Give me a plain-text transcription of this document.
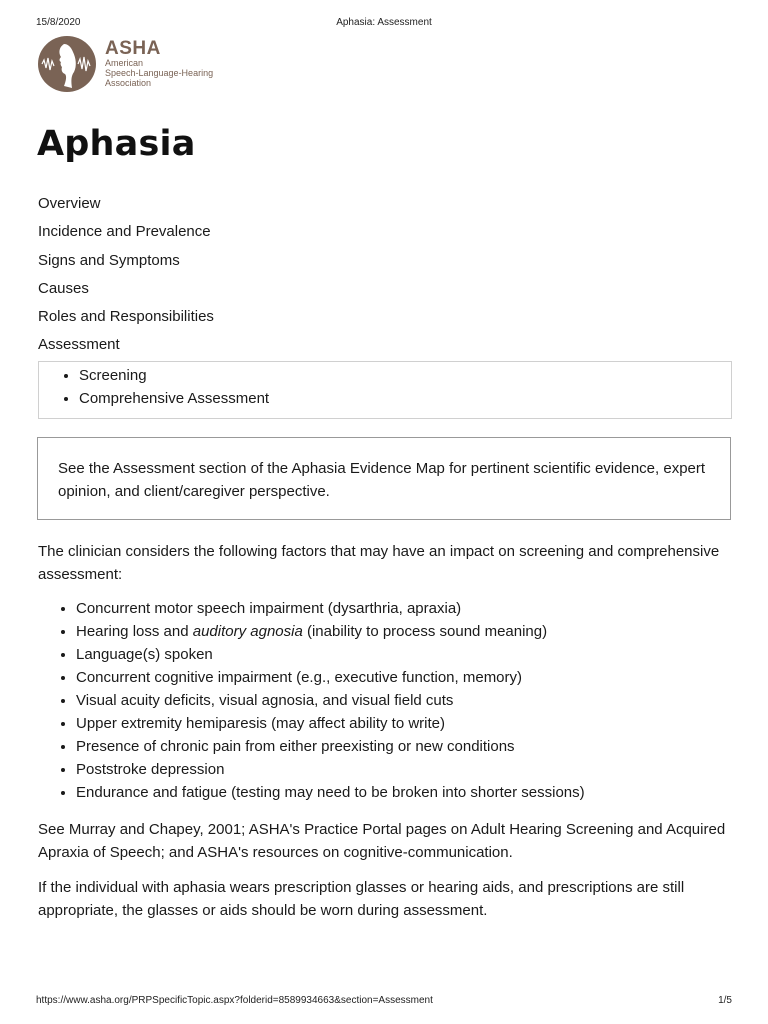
15/8/2020	Aphasia: Assessment
ASHA
American
Speech-Language-Hearing
Association
Aphasia
Overview
Incidence and Prevalence
Signs and Symptoms
Causes
Roles and Responsibilities
Assessment
• Screening
• Comprehensive Assessment

See the Assessment section of the Aphasia Evidence Map for pertinent scientific evidence, expert opinion, and client/caregiver perspective.

The clinician considers the following factors that may have an impact on screening and comprehensive assessment:

• Concurrent motor speech impairment (dysarthria, apraxia)
• Hearing loss and auditory agnosia (inability to process sound meaning)
• Language(s) spoken
• Concurrent cognitive impairment (e.g., executive function, memory)
• Visual acuity deficits, visual agnosia, and visual field cuts
• Upper extremity hemiparesis (may affect ability to write)
• Presence of chronic pain from either preexisting or new conditions
• Poststroke depression
• Endurance and fatigue (testing may need to be broken into shorter sessions)

See Murray and Chapey, 2001; ASHA's Practice Portal pages on Adult Hearing Screening and Acquired Apraxia of Speech; and ASHA's resources on cognitive-communication.

If the individual with aphasia wears prescription glasses or hearing aids, and prescriptions are still appropriate, the glasses or aids should be worn during assessment.

https://www.asha.org/PRPSpecificTopic.aspx?folderid=8589934663&section=Assessment	1/5
